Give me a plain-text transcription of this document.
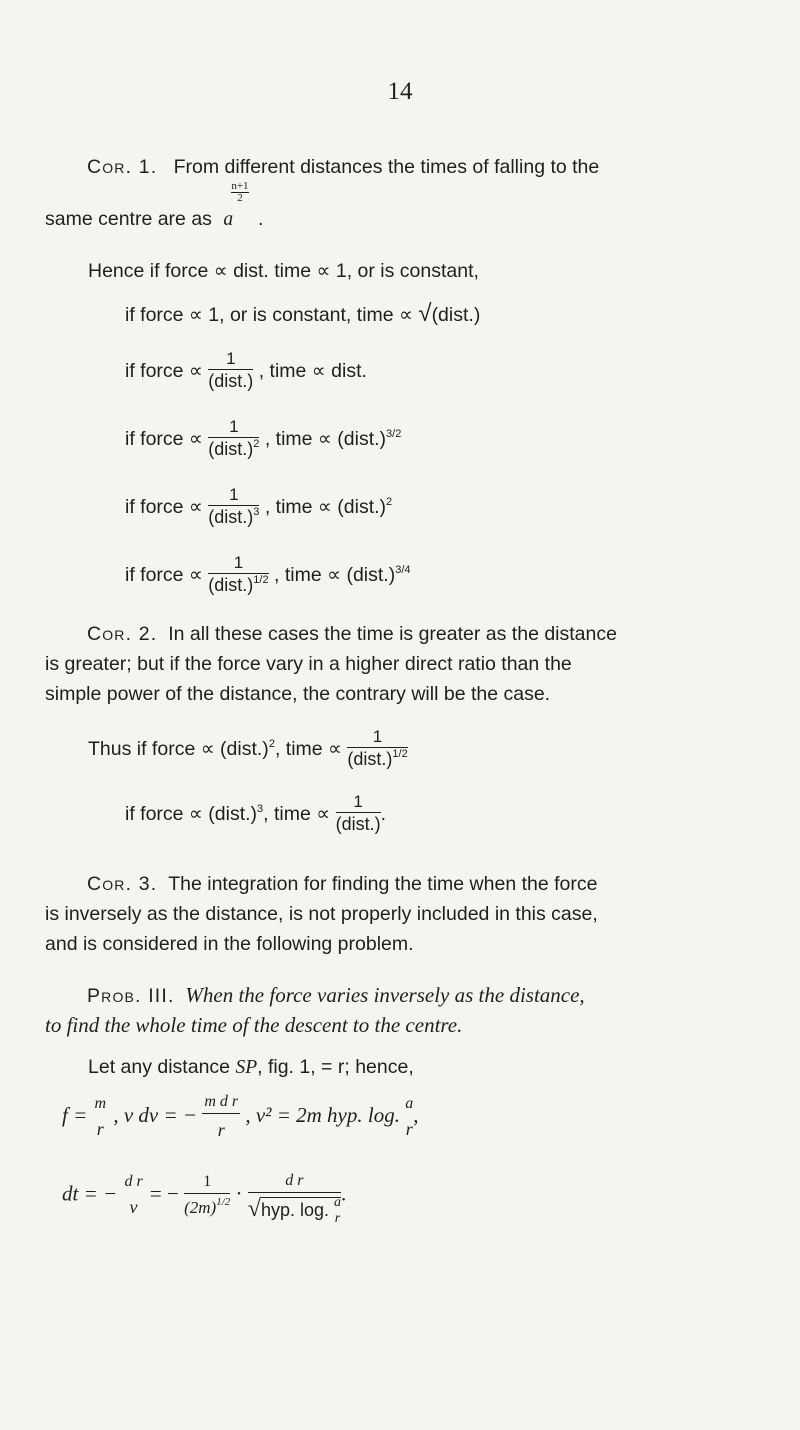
14
Cor. 1. From different distances the times of falling to the
same centre are as a
$\frac{n+1}{2}$
.
Hence if force ∝ dist. time ∝ 1, or is constant,
if force ∝ 1, or is constant, time ∝ √(dist.)
if force ∝ $\frac{1}{\text{(dist.)}}$ , time ∝ dist.
if force ∝ $\frac{1}{(dist.)^2}$ , time ∝ (dist.)$^{3/2}$
if force ∝ $\frac{1}{(dist.)^3}$ , time ∝ (dist.)$^2$
if force ∝ $\frac{1}{(dist.)^{1/2}}$ , time ∝ (dist.)$^{3/4}$
Cor. 2. In all these cases the time is greater as the distance
is greater; but if the force vary in a higher direct ratio than the
simple power of the distance, the contrary will be the case.
Thus if force ∝ (dist.)$^2$, time ∝ $\frac{1}{(dist.)^{1/2}}$
if force ∝ (dist.)$^3$, time ∝ $\frac{1}{\text{(dist.)}}$ .
Cor. 3. The integration for finding the time when the force
is inversely as the distance, is not properly included in this case,
and is considered in the following problem.
Prob. III. When the force varies inversely as the distance,
to find the whole time of the descent to the centre.
Let any distance SP, fig. 1, = r; hence,
f = m
r
, v dv = − $\frac{\text{m d r}}{r}$ , v² = 2m hyp. log. a
r
,
dt = − d r
v
= − $\frac{1}{(2m)^{1/2}} \cdot d$ r
√hyp. log. a
r .
